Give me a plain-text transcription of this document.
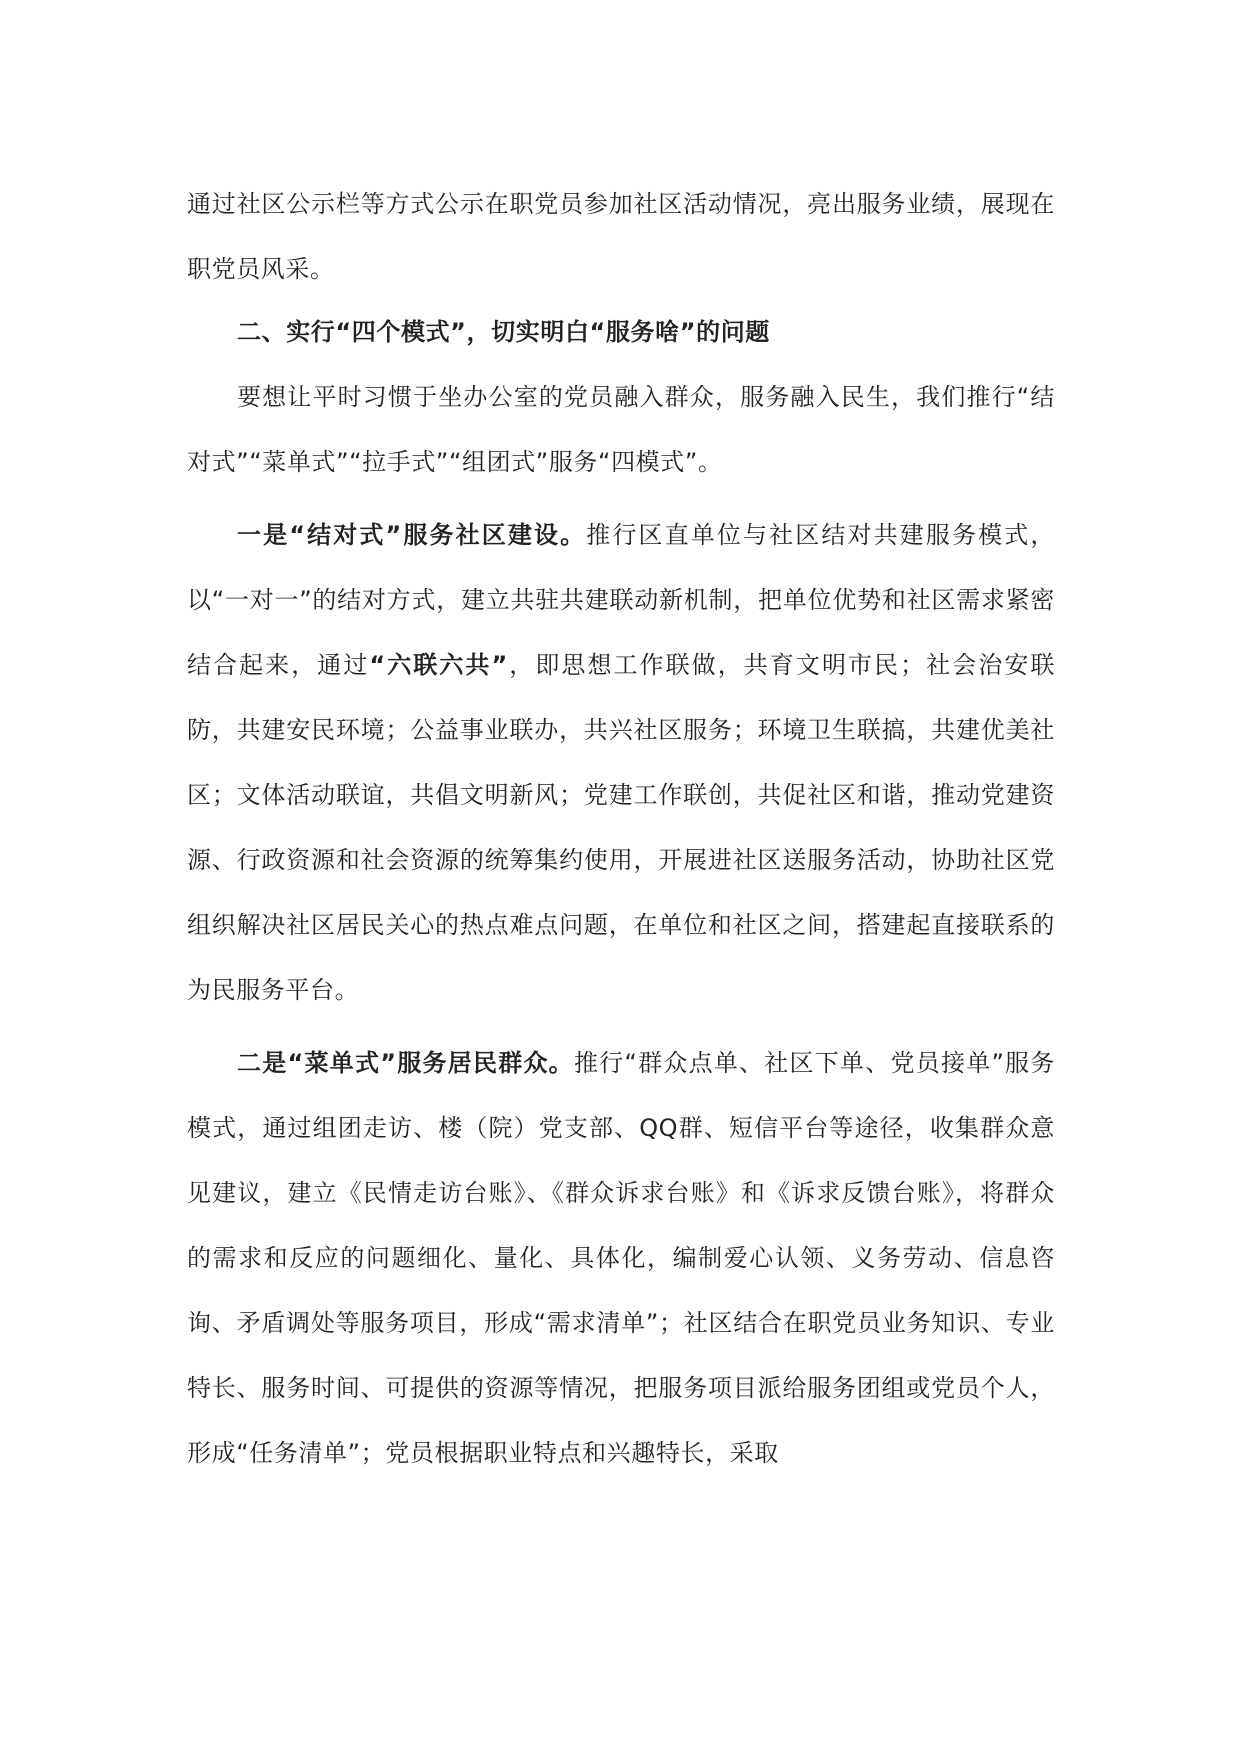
通过社区公示栏等方式公示在职党员参加社区活动情况，亮出服务业绩，展现在职党员风采。

二、实行“四个模式”，切实明白“服务啥”的问题

要想让平时习惯于坐办公室的党员融入群众，服务融入民生，我们推行“结对式”“菜单式”“拉手式”“组团式”服务“四模式”。

一是“结对式”服务社区建设。推行区直单位与社区结对共建服务模式，以“一对一”的结对方式，建立共驻共建联动新机制，把单位优势和社区需求紧密结合起来，通过“六联六共”，即思想工作联做，共育文明市民；社会治安联防，共建安民环境；公益事业联办，共兴社区服务；环境卫生联搞，共建优美社区；文体活动联谊，共倡文明新风；党建工作联创，共促社区和谐，推动党建资源、行政资源和社会资源的统筹集约使用，开展进社区送服务活动，协助社区党组织解决社区居民关心的热点难点问题，在单位和社区之间，搭建起直接联系的为民服务平台。

二是“菜单式”服务居民群众。推行“群众点单、社区下单、党员接单”服务模式，通过组团走访、楼（院）党支部、QQ群、短信平台等途径，收集群众意见建议，建立《民情走访台账》、《群众诉求台账》和《诉求反馈台账》，将群众的需求和反应的问题细化、量化、具体化，编制爱心认领、义务劳动、信息咨询、矛盾调处等服务项目，形成“需求清单”；社区结合在职党员业务知识、专业特长、服务时间、可提供的资源等情况，把服务项目派给服务团组或党员个人，形成“任务清单”；党员根据职业特点和兴趣特长，采取
